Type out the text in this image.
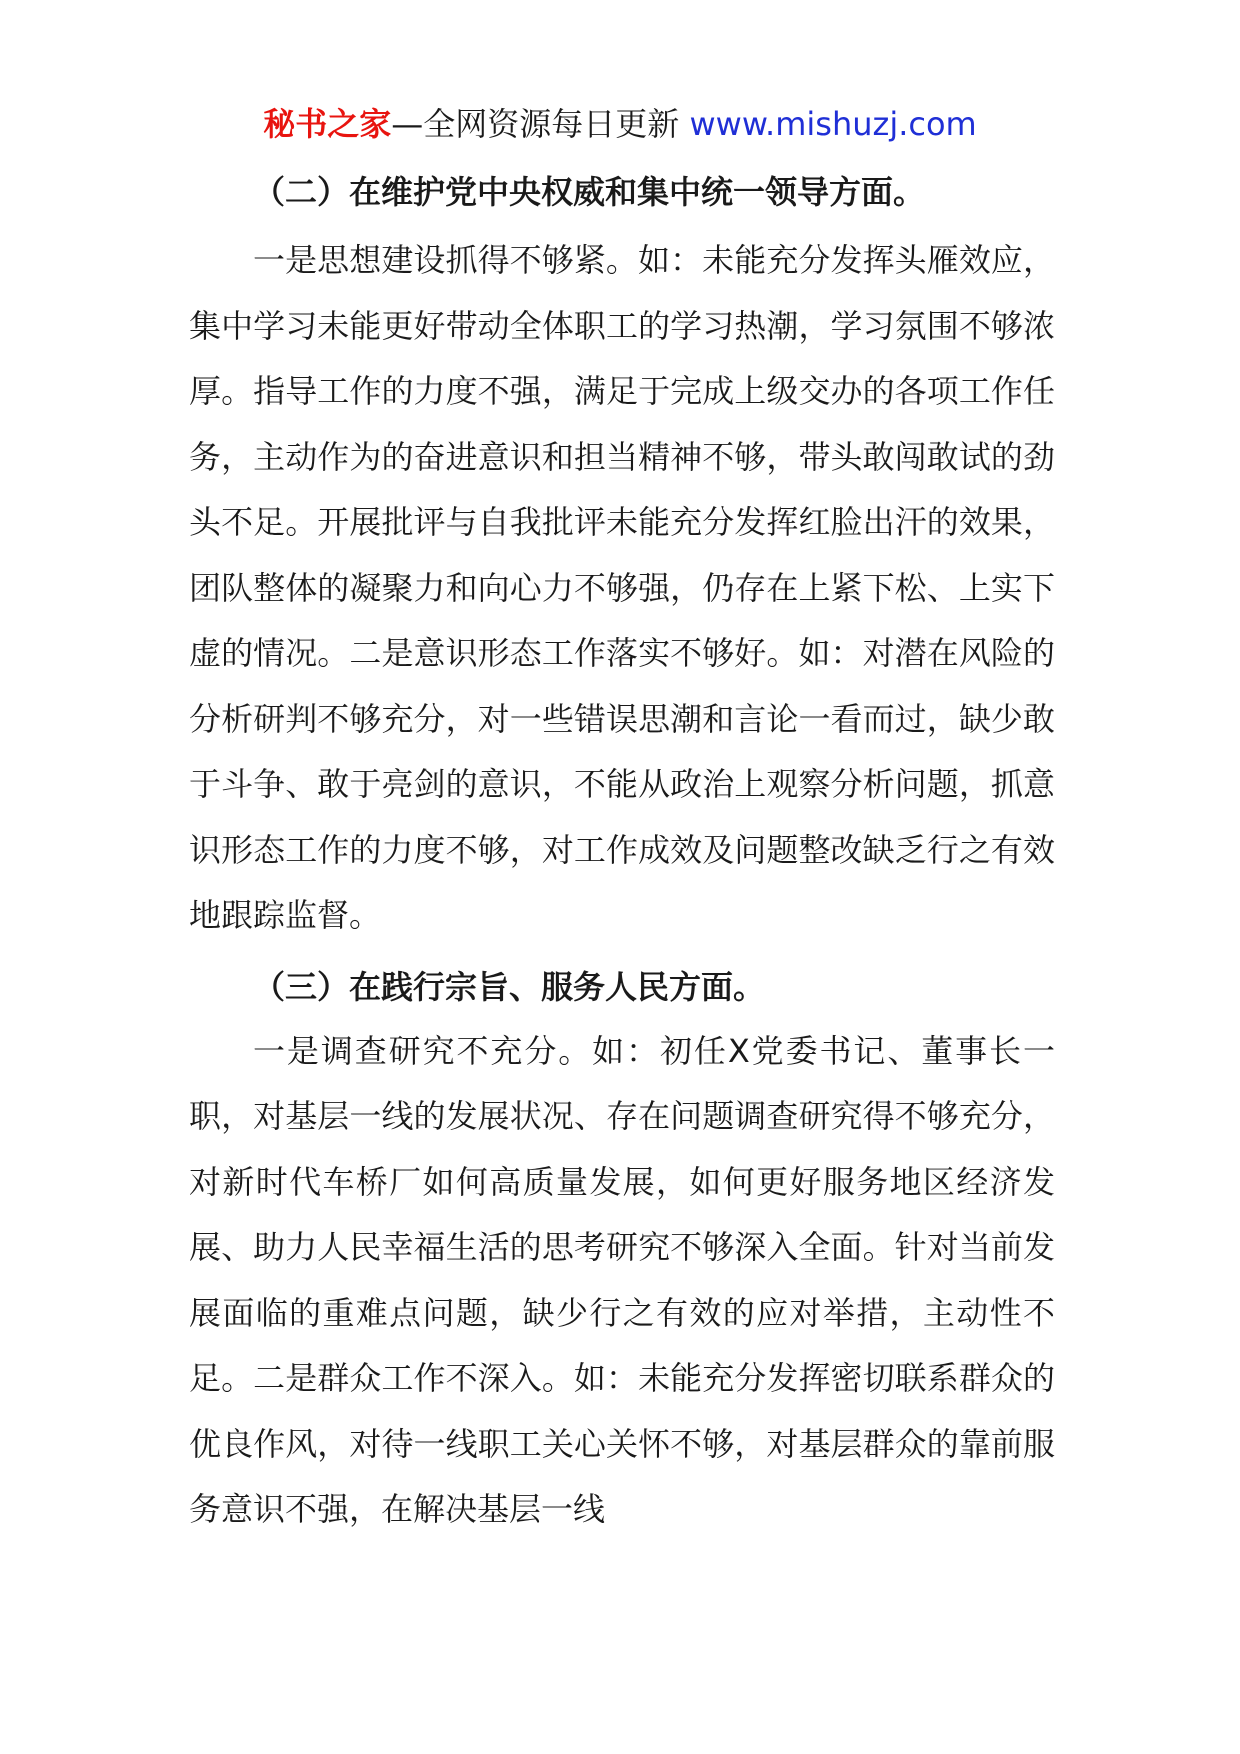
秘书之家—全网资源每日更新 www.mishuzj.com
（二）在维护党中央权威和集中统一领导方面。

一是思想建设抓得不够紧。如：未能充分发挥头雁效应，集中学习未能更好带动全体职工的学习热潮，学习氛围不够浓厚。指导工作的力度不强，满足于完成上级交办的各项工作任务，主动作为的奋进意识和担当精神不够，带头敢闯敢试的劲头不足。开展批评与自我批评未能充分发挥红脸出汗的效果，团队整体的凝聚力和向心力不够强，仍存在上紧下松、上实下虚的情况。二是意识形态工作落实不够好。如：对潜在风险的分析研判不够充分，对一些错误思潮和言论一看而过，缺少敢于斗争、敢于亮剑的意识，不能从政治上观察分析问题，抓意识形态工作的力度不够，对工作成效及问题整改缺乏行之有效地跟踪监督。

（三）在践行宗旨、服务人民方面。

一是调查研究不充分。如：初任X党委书记、董事长一职，对基层一线的发展状况、存在问题调查研究得不够充分，对新时代车桥厂如何高质量发展，如何更好服务地区经济发展、助力人民幸福生活的思考研究不够深入全面。针对当前发展面临的重难点问题，缺少行之有效的应对举措，主动性不足。二是群众工作不深入。如：未能充分发挥密切联系群众的优良作风，对待一线职工关心关怀不够，对基层群众的靠前服务意识不强，在解决基层一线
